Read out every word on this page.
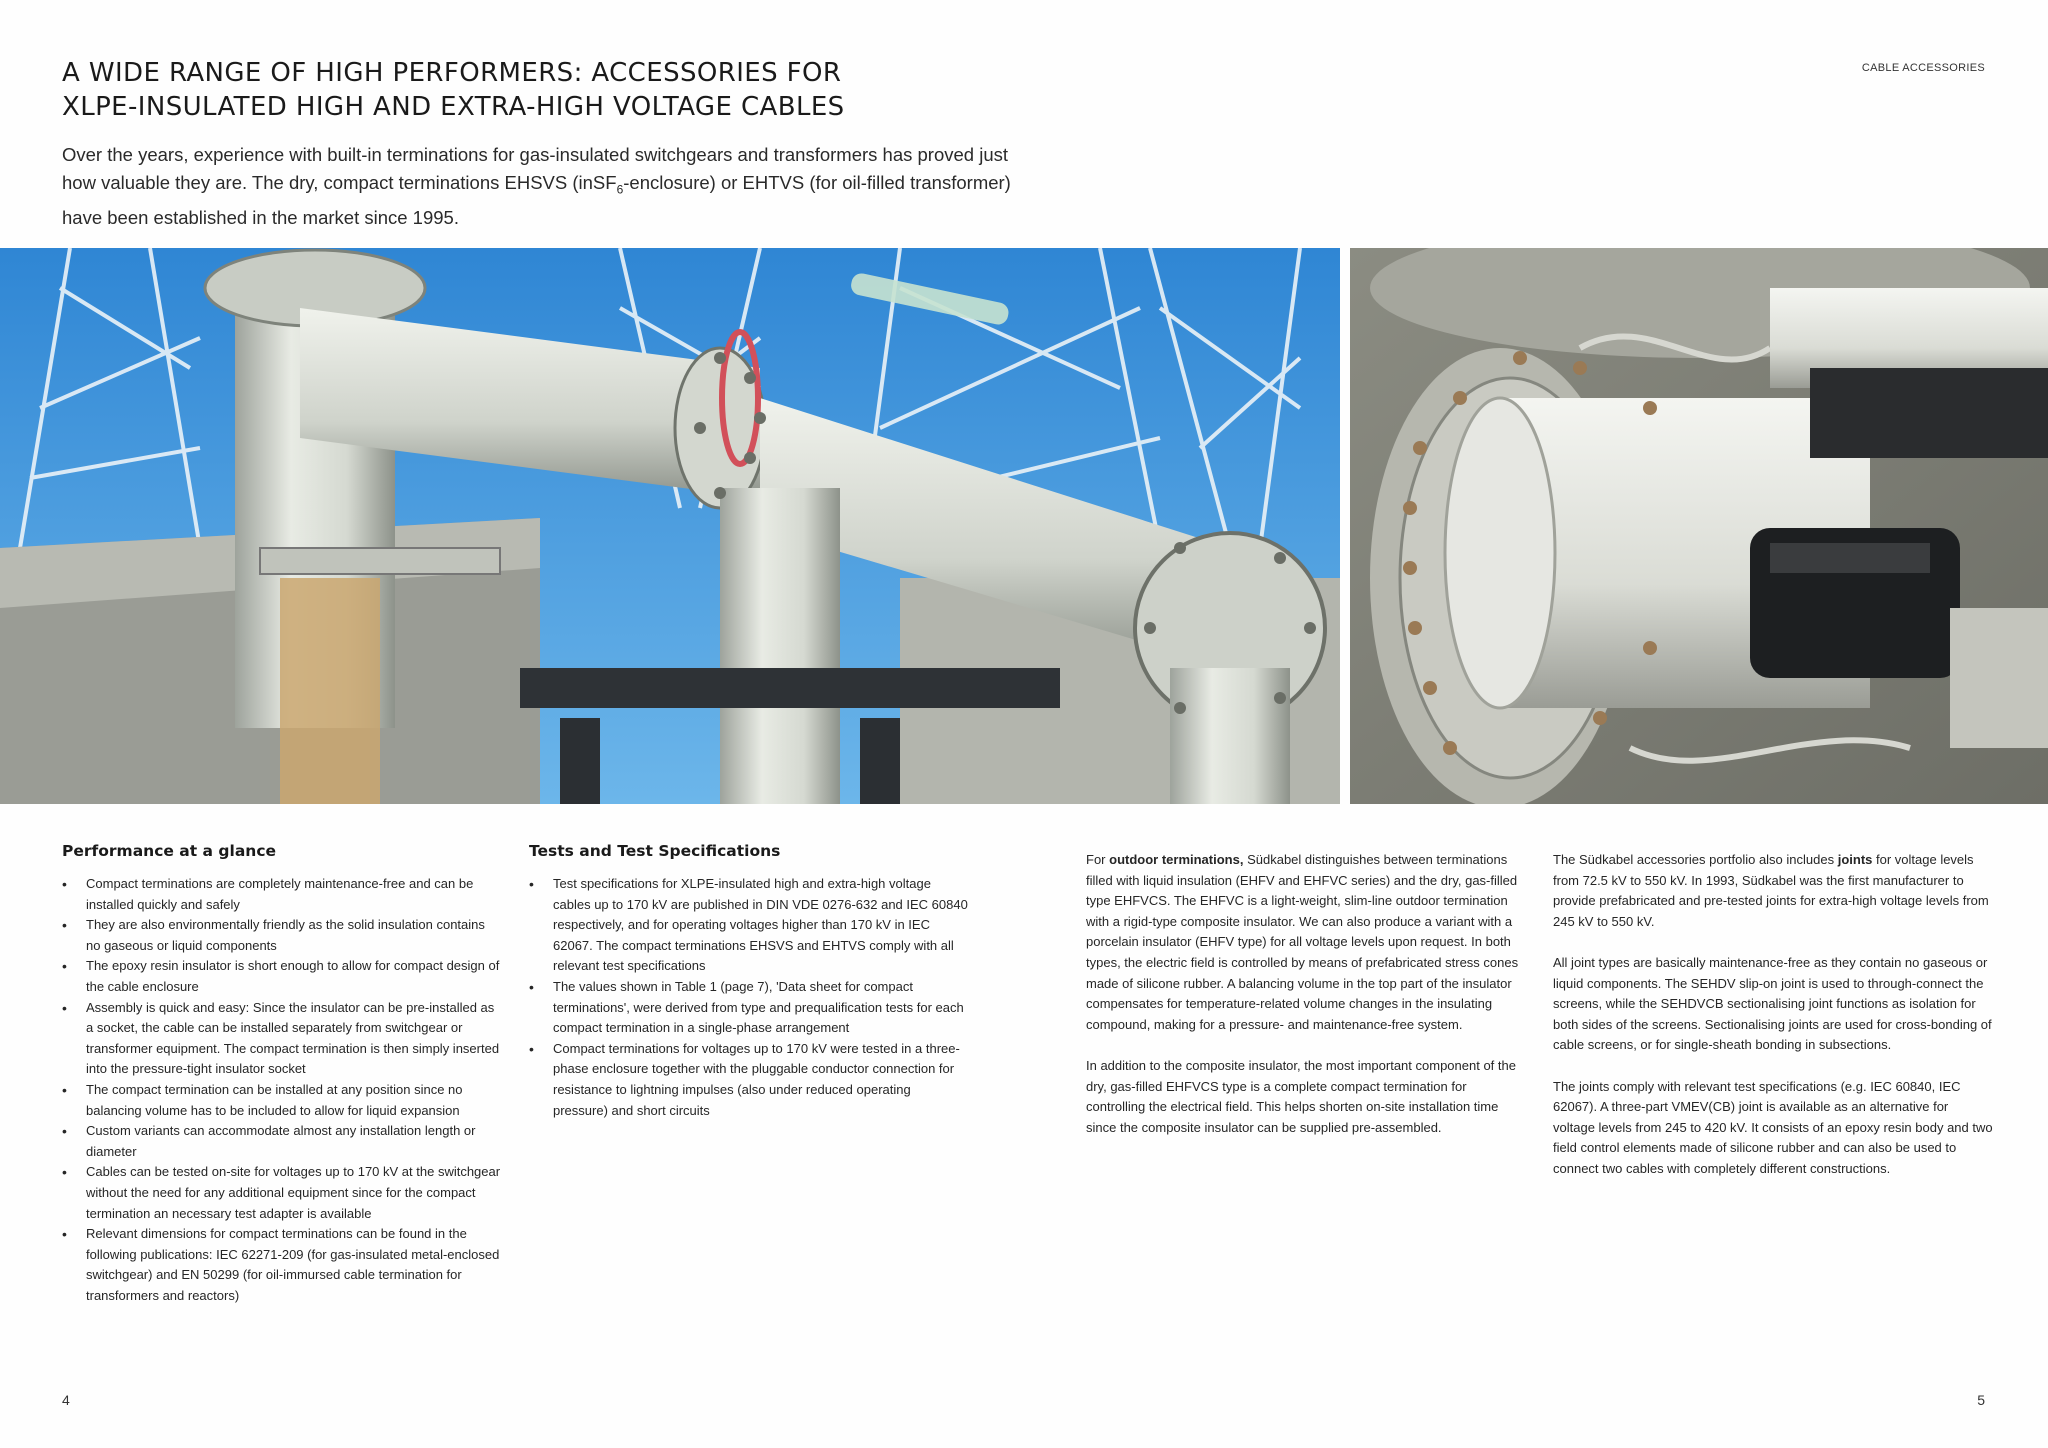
A WIDE RANGE OF HIGH PERFORMERS: ACCESSORIES FOR
XLPE-INSULATED HIGH AND EXTRA-HIGH VOLTAGE CABLES
CABLE ACCESSORIES
Over the years, experience with built-in terminations for gas-insulated switchgears and transformers has proved just
how valuable they are. The dry, compact terminations EHSVS (inSF$_6$-enclosure) or EHTVS (for oil-filled transformer)
have been established in the market since 1995.
Performance at a glance
• Compact terminations are completely maintenance-free and can be installed quickly and safely
• They are also environmentally friendly as the solid insulation contains no gaseous or liquid components
• The epoxy resin insulator is short enough to allow for compact design of the cable enclosure
• Assembly is quick and easy: Since the insulator can be pre-installed as a socket, the cable can be installed separately from switchgear or transformer equipment. The compact termination is then simply inserted into the pressure-tight insulator socket
• The compact termination can be installed at any position since no balancing volume has to be included to allow for liquid expansion
• Custom variants can accommodate almost any installation length or diameter
• Cables can be tested on-site for voltages up to 170 kV at the switchgear without the need for any additional equipment since for the compact termination an necessary test adapter is available
• Relevant dimensions for compact terminations can be found in the following publications: IEC 62271-209 (for gas-insulated metal-enclosed switchgear) and EN 50299 (for oil-immursed cable termination for transformers and reactors)
Tests and Test Specifications
• Test specifications for XLPE-insulated high and extra-high voltage cables up to 170 kV are published in DIN VDE 0276-632 and IEC 60840 respectively, and for operating voltages higher than 170 kV in IEC 62067. The compact terminations EHSVS and EHTVS comply with all relevant test specifications
• The values shown in Table 1 (page 7), 'Data sheet for compact terminations', were derived from type and prequalification tests for each compact termination in a single-phase arrangement
• Compact terminations for voltages up to 170 kV were tested in a three-phase enclosure together with the pluggable conductor connection for resistance to lightning impulses (also under reduced operating pressure) and short circuits

For outdoor terminations, Südkabel distinguishes between terminations filled with liquid insulation (EHFV and EHFVC series) and the dry, gas-filled type EHFVCS. The EHFVC is a light-weight, slim-line outdoor termination with a rigid-type composite insulator. We can also produce a variant with a porcelain insulator (EHFV type) for all voltage levels upon request. In both types, the electric field is controlled by means of prefabricated stress cones made of silicone rubber. A balancing volume in the top part of the insulator compensates for temperature-related volume changes in the insulating compound, making for a pressure- and maintenance-free system.

In addition to the composite insulator, the most important component of the dry, gas-filled EHFVCS type is a complete compact termination for controlling the electrical field. This helps shorten on-site installation time since the composite insulator can be supplied pre-assembled.

The Südkabel accessories portfolio also includes joints for voltage levels from 72.5 kV to 550 kV. In 1993, Südkabel was the first manufacturer to provide prefabricated and pre-tested joints for extra-high voltage levels from 245 kV to 550 kV.

All joint types are basically maintenance-free as they contain no gaseous or liquid components. The SEHDV slip-on joint is used to through-connect the screens, while the SEHDVCB sectionalising joint functions as isolation for both sides of the screens. Sectionalising joints are used for cross-bonding of cable screens, or for single-sheath bonding in subsections.

The joints comply with relevant test specifications (e.g. IEC 60840, IEC 62067). A three-part VMEV(CB) joint is available as an alternative for voltage levels from 245 to 420 kV. It consists of an epoxy resin body and two field control elements made of silicone rubber and can also be used to connect two cables with completely different constructions.

4	5
